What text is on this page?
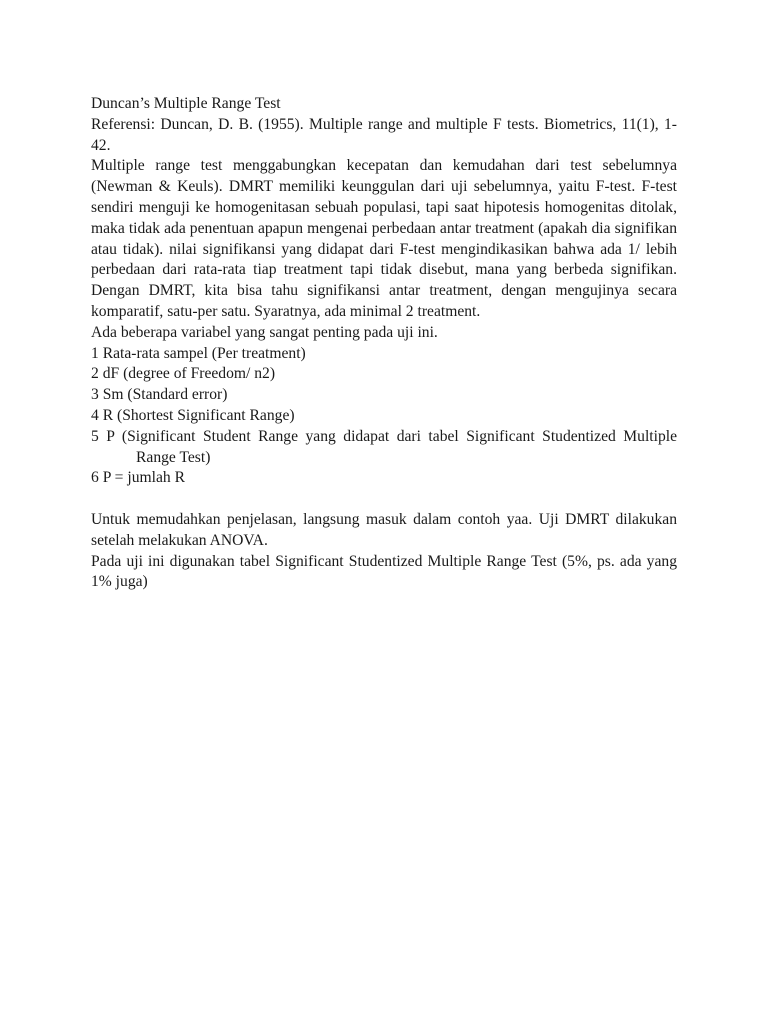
Duncan’s Multiple Range Test

Referensi: Duncan, D. B. (1955). Multiple range and multiple F tests. Biometrics, 11(1), 1-42.

Multiple range test menggabungkan kecepatan dan kemudahan dari test sebelumnya (Newman & Keuls). DMRT memiliki keunggulan dari uji sebelumnya, yaitu F-test. F-test sendiri menguji ke homogenitasan sebuah populasi, tapi saat hipotesis homogenitas ditolak, maka tidak ada penentuan apapun mengenai perbedaan antar treatment (apakah dia signifikan atau tidak). nilai signifikansi yang didapat dari F-test mengindikasikan bahwa ada 1/ lebih perbedaan dari rata-rata tiap treatment tapi tidak disebut, mana yang berbeda signifikan. Dengan DMRT, kita bisa tahu signifikansi antar treatment, dengan mengujinya secara komparatif, satu-per satu. Syaratnya, ada minimal 2 treatment.

Ada beberapa variabel yang sangat penting pada uji ini.

1 Rata-rata sampel (Per treatment)
2 dF (degree of Freedom/ n2)
3 Sm (Standard error)
4 R (Shortest Significant Range)
5 P (Significant Student Range yang didapat dari tabel Significant Studentized Multiple Range Test)
6 P = jumlah R

Untuk memudahkan penjelasan, langsung masuk dalam contoh yaa. Uji DMRT dilakukan setelah melakukan ANOVA.

Pada uji ini digunakan tabel Significant Studentized Multiple Range Test (5%, ps. ada yang 1% juga)
